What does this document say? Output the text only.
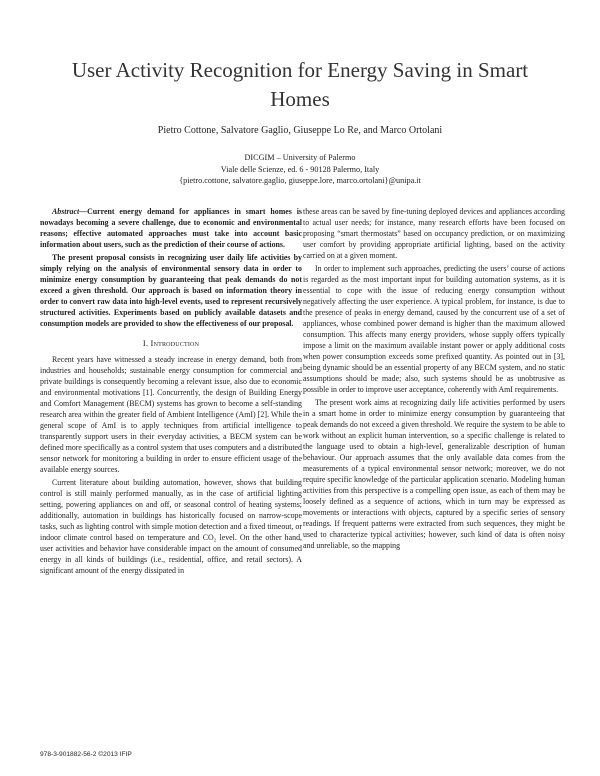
User Activity Recognition for Energy Saving in Smart Homes
Pietro Cottone, Salvatore Gaglio, Giuseppe Lo Re, and Marco Ortolani
DICGIM – University of Palermo
Viale delle Scienze, ed. 6 - 90128 Palermo, Italy
{pietro.cottone, salvatore.gaglio, giuseppe.lore, marco.ortolani}@unipa.it

Abstract—Current energy demand for appliances in smart homes is nowadays becoming a severe challenge, due to economic and environmental reasons; effective automated approaches must take into account basic information about users, such as the prediction of their course of actions.

The present proposal consists in recognizing user daily life activities by simply relying on the analysis of environmental sensory data in order to minimize energy consumption by guaranteeing that peak demands do not exceed a given threshold. Our approach is based on information theory in order to convert raw data into high-level events, used to represent recursively structured activities. Experiments based on publicly available datasets and consumption models are provided to show the effectiveness of our proposal.

I. Introduction

Recent years have witnessed a steady increase in energy demand, both from industries and households; sustainable energy consumption for commercial and private buildings is consequently becoming a relevant issue, also due to economic and environmental motivations [1]. Concurrently, the design of Building Energy and Comfort Management (BECM) systems has grown to become a self-standing research area within the greater field of Ambient Intelligence (AmI) [2]. While the general scope of AmI is to apply techniques from artificial intelligence to transparently support users in their everyday activities, a BECM system can be defined more specifically as a control system that uses computers and a distributed sensor network for monitoring a building in order to ensure efficient usage of the available energy sources.

Current literature about building automation, however, shows that building control is still mainly performed manually, as in the case of artificial lighting setting, powering appliances on and off, or seasonal control of heating systems; additionally, automation in buildings has historically focused on narrow-scope tasks, such as lighting control with simple motion detection and a fixed timeout, or indoor climate control based on temperature and CO₂ level. On the other hand, user activities and behavior have considerable impact on the amount of consumed energy in all kinds of buildings (i.e., residential, office, and retail sectors). A significant amount of the energy dissipated in

these areas can be saved by fine-tuning deployed devices and appliances according to actual user needs; for instance, many research efforts have been focused on proposing “smart thermostats” based on occupancy prediction, or on maximizing user comfort by providing appropriate artificial lighting, based on the activity carried on at a given moment.

In order to implement such approaches, predicting the users’ course of actions is regarded as the most important input for building automation systems, as it is essential to cope with the issue of reducing energy consumption without negatively affecting the user experience. A typical problem, for instance, is due to the presence of peaks in energy demand, caused by the concurrent use of a set of appliances, whose combined power demand is higher than the maximum allowed consumption. This affects many energy providers, whose supply offers typically impose a limit on the maximum available instant power or apply additional costs when power consumption exceeds some prefixed quantity. As pointed out in [3], being dynamic should be an essential property of any BECM system, and no static assumptions should be made; also, such systems should be as unobtrusive as possible in order to improve user acceptance, coherently with AmI requirements.

The present work aims at recognizing daily life activities performed by users in a smart home in order to minimize energy consumption by guaranteeing that peak demands do not exceed a given threshold. We require the system to be able to work without an explicit human intervention, so a specific challenge is related to the language used to obtain a high-level, generalizable description of human behaviour. Our approach assumes that the only available data comes from the measurements of a typical environmental sensor network; moreover, we do not require specific knowledge of the particular application scenario. Modeling human activities from this perspective is a compelling open issue, as each of them may be loosely defined as a sequence of actions, which in turn may be expressed as movements or interactions with objects, captured by a specific series of sensory readings. If frequent patterns were extracted from such sequences, they might be used to characterize typical activities; however, such kind of data is often noisy and unreliable, so the mapping

978-3-901882-56-2 ©2013 IFIP
